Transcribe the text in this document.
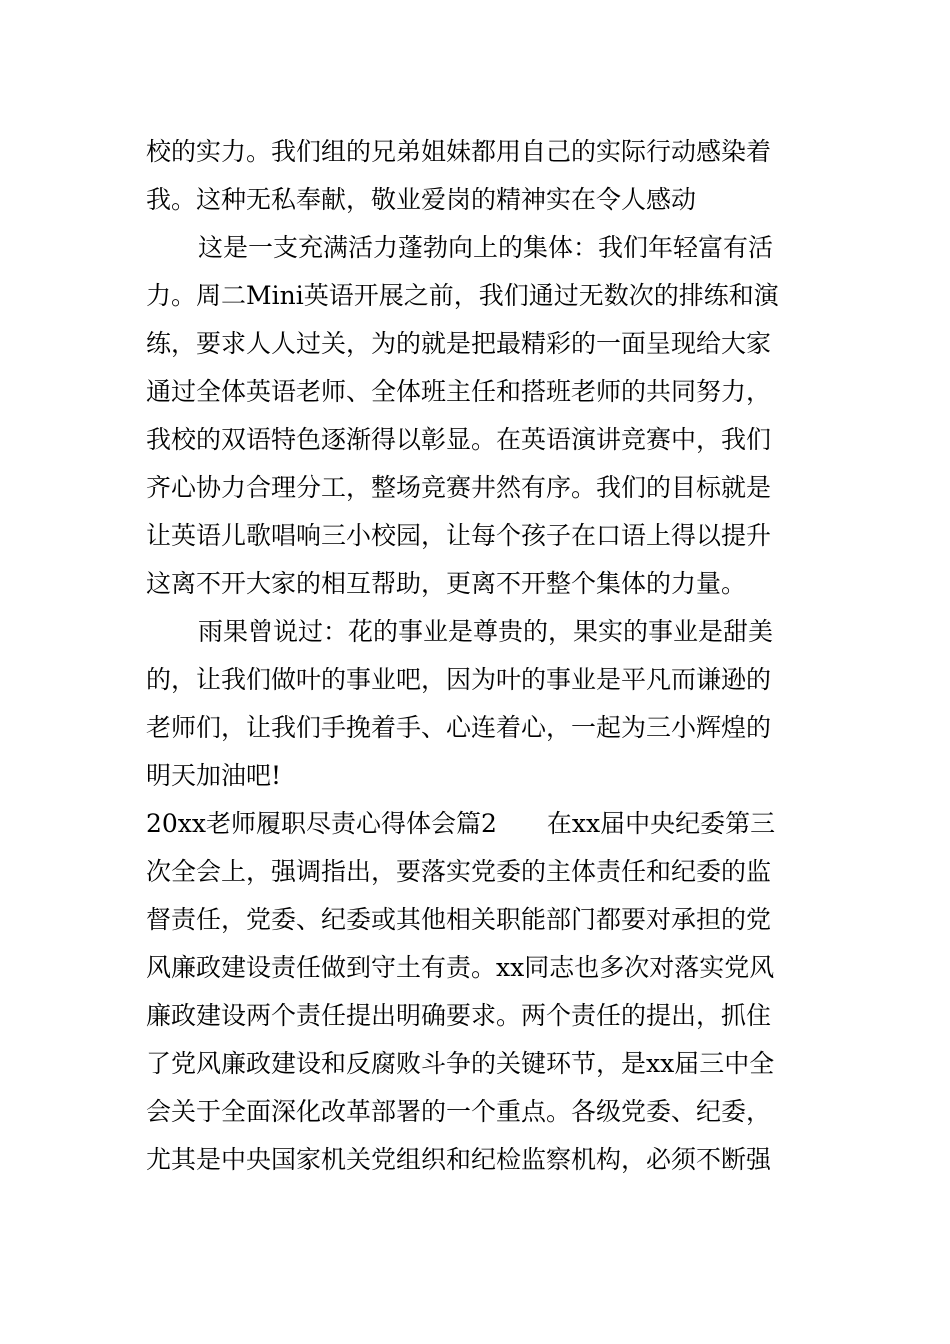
校的实力。我们组的兄弟姐妹都用自己的实际行动感染着
我。这种无私奉献，敬业爱岗的精神实在令人感动
这是一支充满活力蓬勃向上的集体：我们年轻富有活
力。周二Mini英语开展之前，我们通过无数次的排练和演
练，要求人人过关，为的就是把最精彩的一面呈现给大家
通过全体英语老师、全体班主任和搭班老师的共同努力，
我校的双语特色逐渐得以彰显。在英语演讲竞赛中，我们
齐心协力合理分工，整场竞赛井然有序。我们的目标就是
让英语儿歌唱响三小校园，让每个孩子在口语上得以提升
这离不开大家的相互帮助，更离不开整个集体的力量。
雨果曾说过：花的事业是尊贵的，果实的事业是甜美
的，让我们做叶的事业吧，因为叶的事业是平凡而谦逊的
老师们，让我们手挽着手、心连着心，一起为三小辉煌的
明天加油吧!
20xx老师履职尽责心得体会篇2　　在xx届中央纪委第三
次全会上，强调指出，要落实党委的主体责任和纪委的监
督责任，党委、纪委或其他相关职能部门都要对承担的党
风廉政建设责任做到守土有责。xx同志也多次对落实党风
廉政建设两个责任提出明确要求。两个责任的提出，抓住
了党风廉政建设和反腐败斗争的关键环节，是xx届三中全
会关于全面深化改革部署的一个重点。各级党委、纪委，
尤其是中央国家机关党组织和纪检监察机构，必须不断强
